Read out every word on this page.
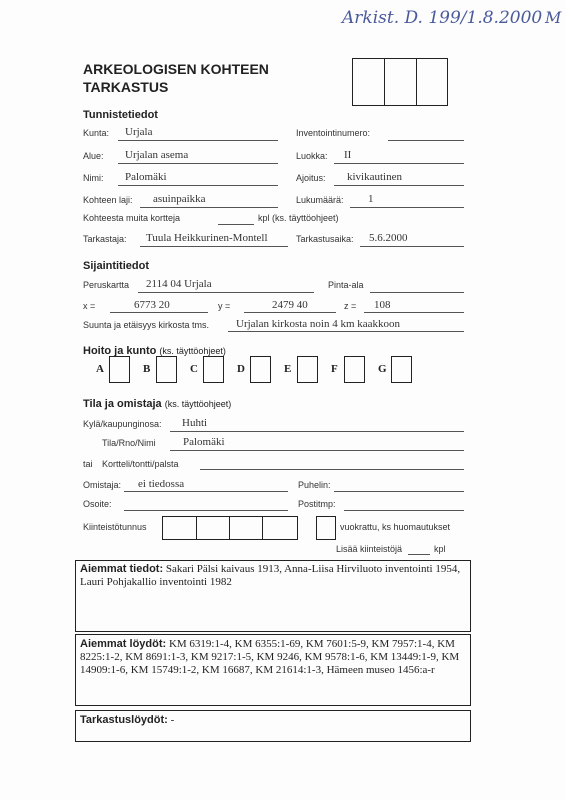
Arkist. D. 199/1.8.2000 M
ARKEOLOGISEN KOHTEEN
TARKASTUS
Tunnistetiedot
Kunta: Urjala	Inventointinumero:
Alue: Urjalan asema	Luokka: II
Nimi: Palomäki	Ajoitus: kivikautinen
Kohteen laji: asuinpaikka	Lukumäärä: 1
Kohteesta muita kortteja	kpl (ks. täyttöohjeet)
Tarkastaja: Tuula Heikkurinen-Montell	Tarkastusaika: 5.6.2000
Sijaintitiedot
Peruskartta 2114 04 Urjala	Pinta-ala
x =	6773 20	y =	2479 40	z = 108
Suunta ja etäisyys kirkosta tms. Urjalan kirkosta noin 4 km kaakkoon
Hoito ja kunto (ks. täyttöohjeet)
A	B	C	D	E	F	G
Tila ja omistaja (ks. täyttöohjeet)
Kylä/kaupunginosa: Huhti
Tila/Rno/Nimi Palomäki
tai Kortteli/tontti/palsta
Omistaja: ei tiedossa	Puhelin:
Osoite:	Postitmp:
Kiinteistötunnus	vuokrattu, ks huomautukset
Lisää kiinteistöjä	kpl
Aiemmat tiedot: Sakari Pälsi kaivaus 1913, Anna-Liisa Hirviluoto inventointi 1954, Lauri Pohjakallio inventointi 1982
Aiemmat löydöt: KM 6319:1-4, KM 6355:1-69, KM 7601:5-9, KM 7957:1-4, KM 8225:1-2, KM 8691:1-3, KM 9217:1-5, KM 9246, KM 9578:1-6, KM 13449:1-9, KM 14909:1-6, KM 15749:1-2, KM 16687, KM 21614:1-3, Hämeen museo 1456:a-r
Tarkastuslöydöt: -
